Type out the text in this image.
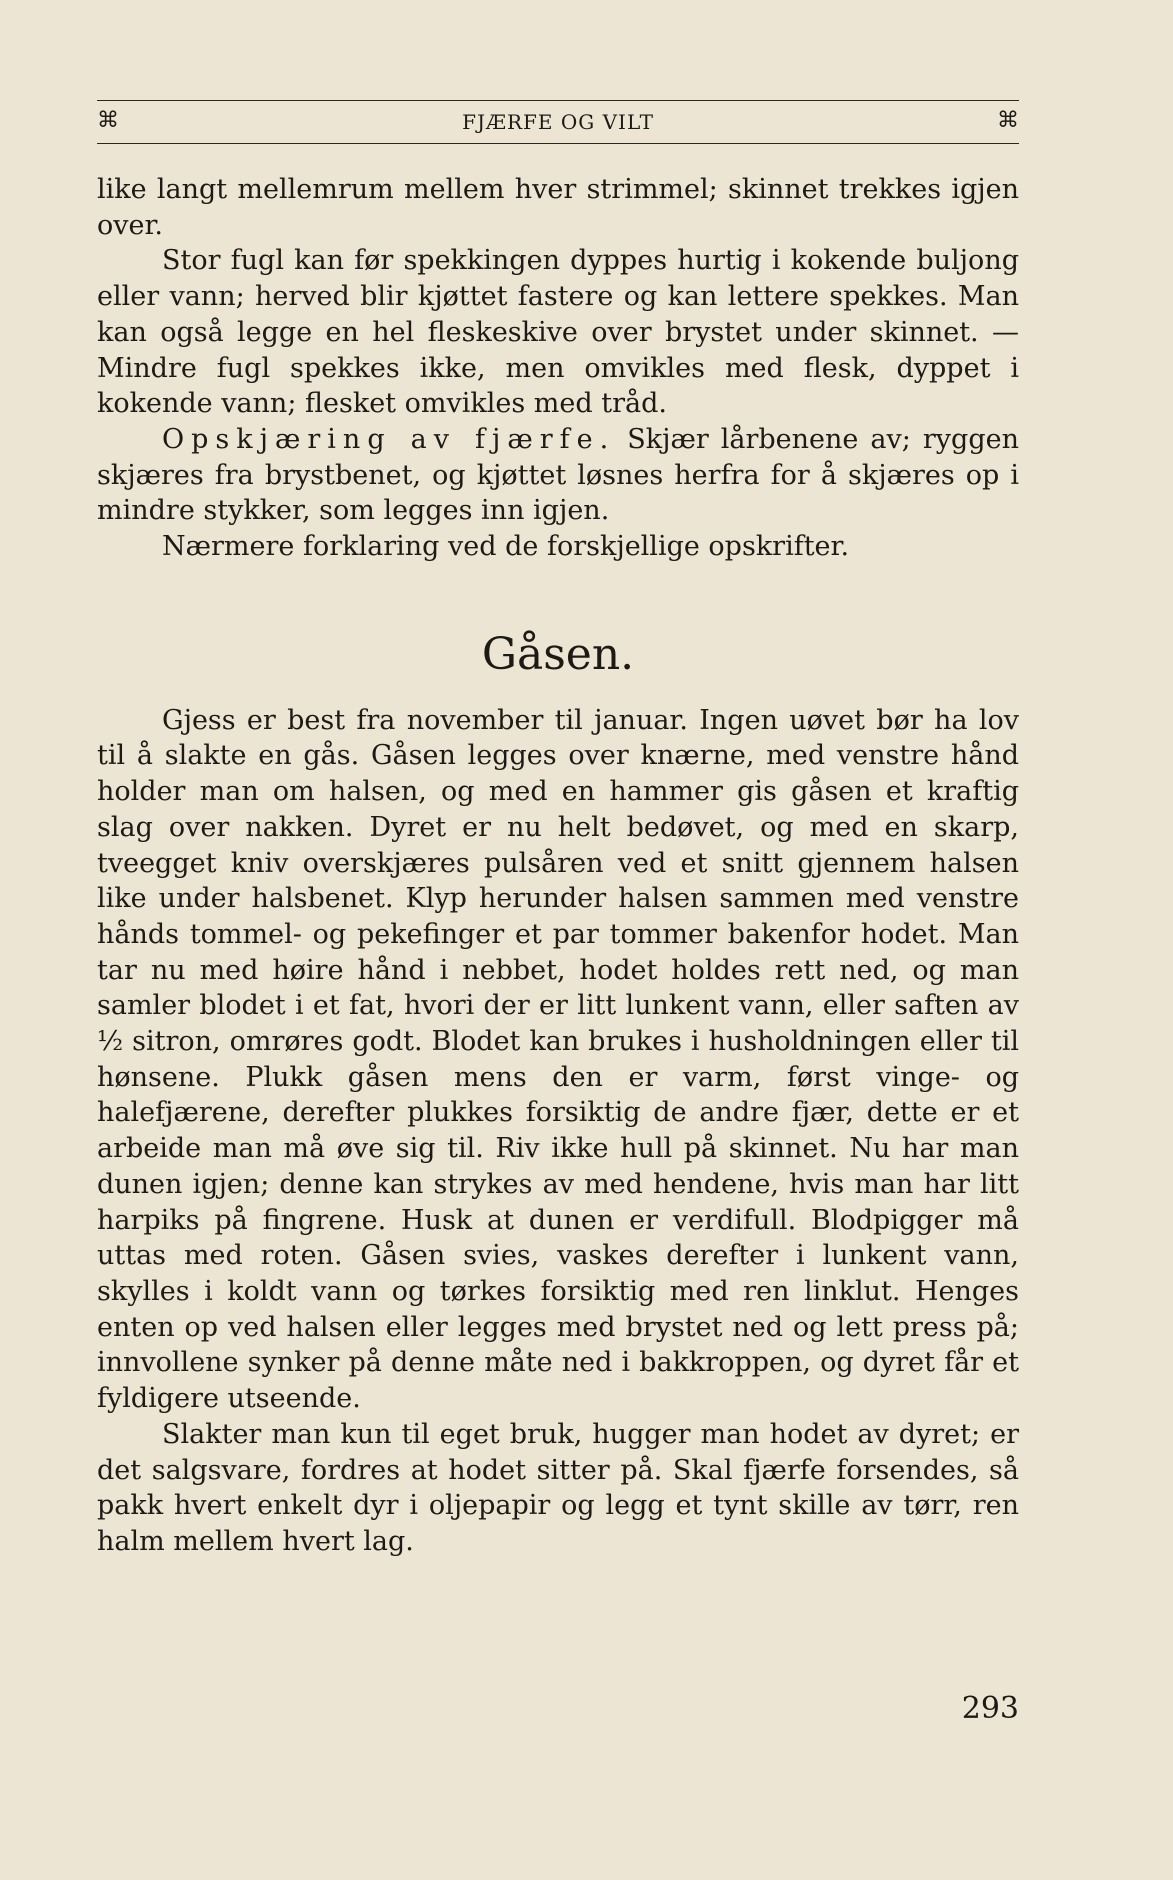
⌘	FJÆRFE OG VILT	⌘

like langt mellemrum mellem hver strimmel; skinnet trekkes igjen over.

Stor fugl kan før spekkingen dyppes hurtig i kokende buljong eller vann; herved blir kjøttet fastere og kan lettere spekkes. Man kan også legge en hel fleskeskive over brystet under skinnet. — Mindre fugl spekkes ikke, men omvikles med flesk, dyppet i kokende vann; flesket omvikles med tråd.

Opskjæring av fjærfe. Skjær lårbenene av; ryggen skjæres fra brystbenet, og kjøttet løsnes herfra for å skjæres op i mindre stykker, som legges inn igjen.

Nærmere forklaring ved de forskjellige opskrifter.

Gåsen.

Gjess er best fra november til januar. Ingen uøvet bør ha lov til å slakte en gås. Gåsen legges over knærne, med venstre hånd holder man om halsen, og med en hammer gis gåsen et kraftig slag over nakken. Dyret er nu helt bedøvet, og med en skarp, tveegget kniv overskjæres pulsåren ved et snitt gjennem halsen like under halsbenet. Klyp herunder halsen sammen med venstre hånds tommel- og pekefinger et par tommer bakenfor hodet. Man tar nu med høire hånd i nebbet, hodet holdes rett ned, og man samler blodet i et fat, hvori der er litt lunkent vann, eller saften av ½ sitron, omrøres godt. Blodet kan brukes i husholdningen eller til hønsene. Plukk gåsen mens den er varm, først vinge- og halefjærene, derefter plukkes forsiktig de andre fjær, dette er et arbeide man må øve sig til. Riv ikke hull på skinnet. Nu har man dunen igjen; denne kan strykes av med hendene, hvis man har litt harpiks på fingrene. Husk at dunen er verdifull. Blodpigger må uttas med roten. Gåsen svies, vaskes derefter i lunkent vann, skylles i koldt vann og tørkes forsiktig med ren linklut. Henges enten op ved halsen eller legges med brystet ned og lett press på; innvollene synker på denne måte ned i bakkroppen, og dyret får et fyldigere utseende.

Slakter man kun til eget bruk, hugger man hodet av dyret; er det salgsvare, fordres at hodet sitter på. Skal fjærfe forsendes, så pakk hvert enkelt dyr i oljepapir og legg et tynt skille av tørr, ren halm mellem hvert lag.

293
